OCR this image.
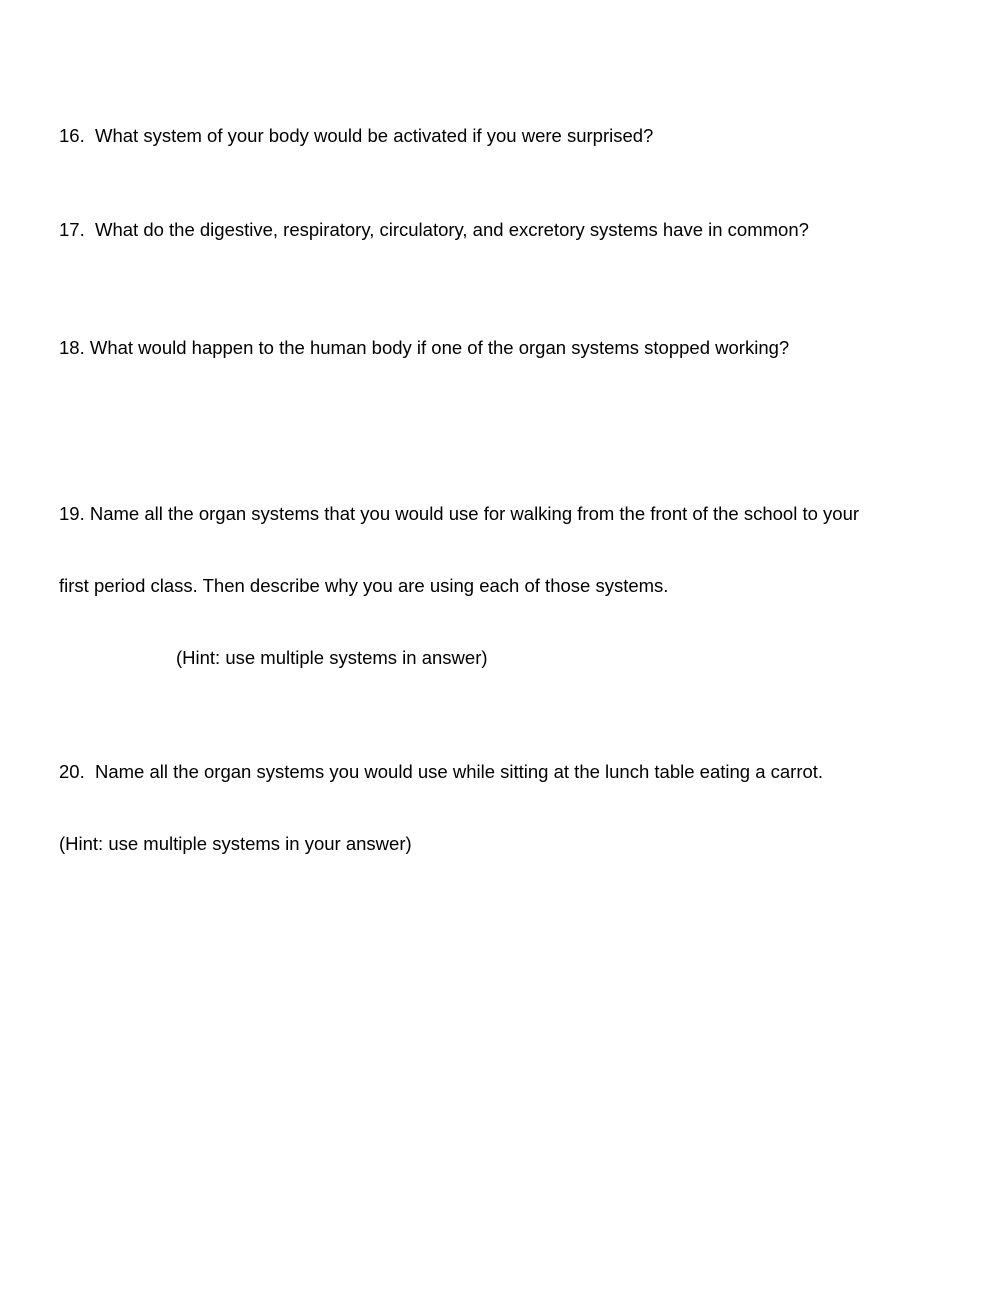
16.  What system of your body would be activated if you were surprised?

17.  What do the digestive, respiratory, circulatory, and excretory systems have in common?

18. What would happen to the human body if one of the organ systems stopped working?

19. Name all the organ systems that you would use for walking from the front of the school to your

first period class. Then describe why you are using each of those systems.

(Hint: use multiple systems in answer)

20.  Name all the organ systems you would use while sitting at the lunch table eating a carrot.

(Hint: use multiple systems in your answer)
